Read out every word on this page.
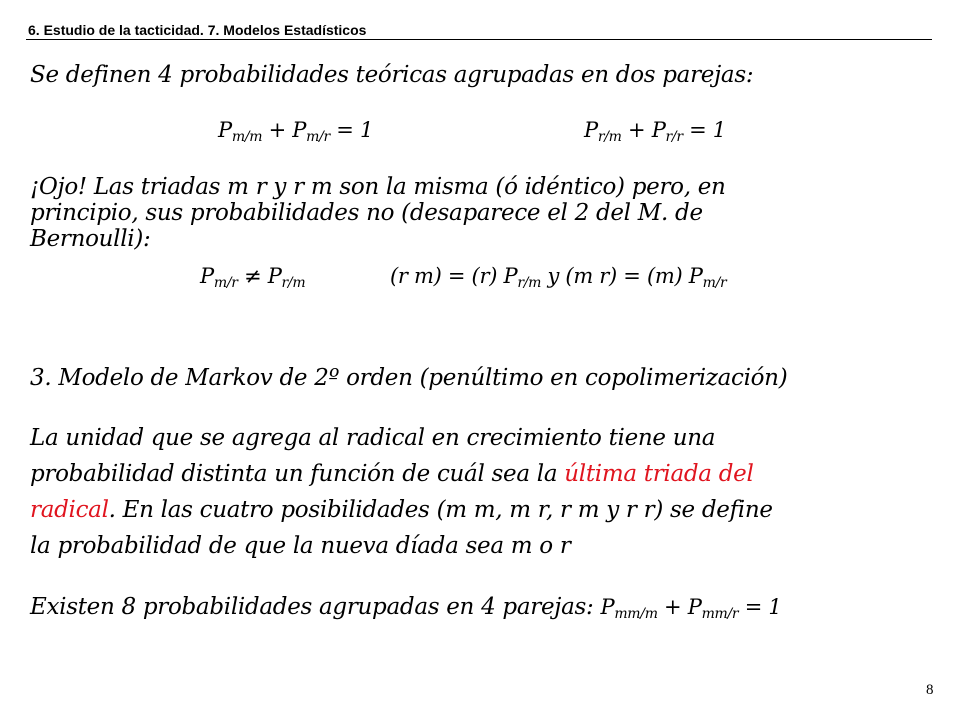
6. Estudio de la tacticidad. 7. Modelos Estadísticos
Se definen 4 probabilidades teóricas agrupadas en dos parejas:
Pm/m + Pm/r = 1	Pr/m + Pr/r = 1
¡Ojo! Las triadas m r y r m son la misma (ó idéntico) pero, en
principio, sus probabilidades no (desaparece el 2 del M. de
Bernoulli):
Pm/r ≠ Pr/m	(r m) = (r) Pr/m y (m r) = (m) Pm/r
3. Modelo de Markov de 2º orden (penúltimo en copolimerización)
La unidad que se agrega al radical en crecimiento tiene una
probabilidad distinta un función de cuál sea la última triada del
radical. En las cuatro posibilidades (m m, m r, r m y r r) se define
la probabilidad de que la nueva díada sea m o r
Existen 8 probabilidades agrupadas en 4 parejas: Pmm/m + Pmm/r = 1
8
